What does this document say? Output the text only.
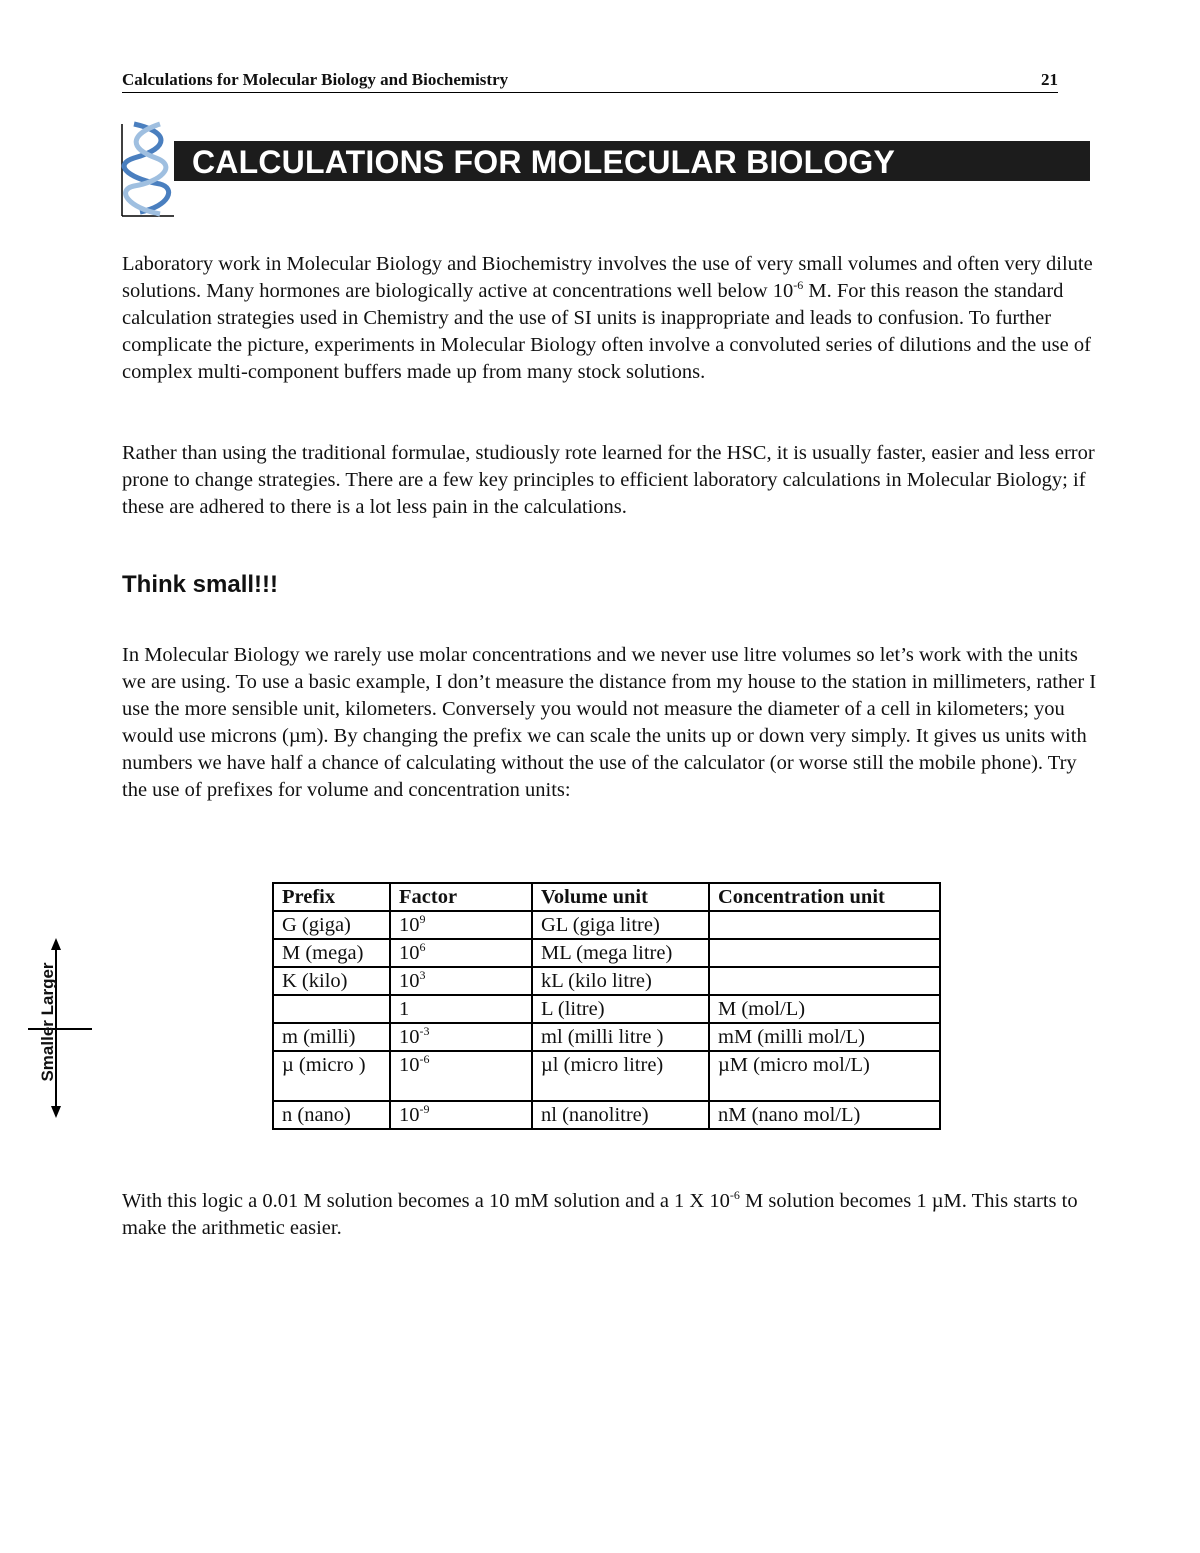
Calculations for Molecular Biology and Biochemistry	21
CALCULATIONS FOR MOLECULAR BIOLOGY

Laboratory work in Molecular Biology and Biochemistry involves the use of very small volumes and often very dilute solutions. Many hormones are biologically active at concentrations well below $10^{-6}$ M. For this reason the standard calculation strategies used in Chemistry and the use of SI units is inappropriate and leads to confusion. To further complicate the picture, experiments in Molecular Biology often involve a convoluted series of dilutions and the use of complex multi-component buffers made up from many stock solutions.

Rather than using the traditional formulae, studiously rote learned for the HSC, it is usually faster, easier and less error prone to change strategies. There are a few key principles to efficient laboratory calculations in Molecular Biology; if these are adhered to there is a lot less pain in the calculations.

Think small!!!

In Molecular Biology we rarely use molar concentrations and we never use litre volumes so let’s work with the units we are using. To use a basic example, I don’t measure the distance from my house to the station in millimeters, rather I use the more sensible unit, kilometers. Conversely you would not measure the diameter of a cell in kilometers; you would use microns (µm). By changing the prefix we can scale the units up or down very simply. It gives us units with numbers we have half a chance of calculating without the use of the calculator (or worse still the mobile phone). Try the use of prefixes for volume and concentration units:

Smaller Larger
Prefix	Factor	Volume unit	Concentration unit
G (giga)	$10^9$	GL (giga litre)	
M (mega)	$10^6$	ML (mega litre)	
K (kilo)	$10^3$	kL (kilo litre)	
	1	L (litre)	M (mol/L)
m (milli)	$10^{-3}$	ml (milli litre )	mM (milli mol/L)
µ (micro )	$10^{-6}$	µl (micro litre)	µM (micro mol/L)
n (nano)	$10^{-9}$	nl (nanolitre)	nM (nano mol/L)

With this logic a 0.01 M solution becomes a 10 mM solution and a 1 X $10^{-6}$ M solution becomes 1 µM. This starts to make the arithmetic easier.
